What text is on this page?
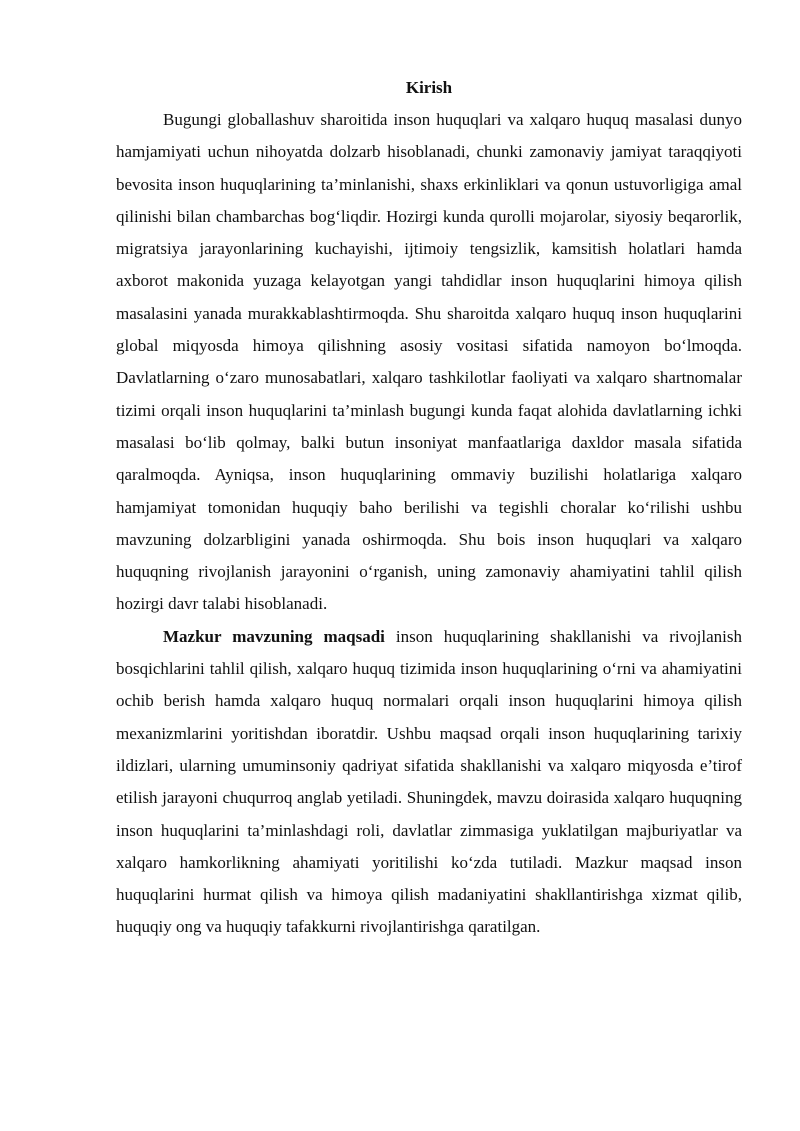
Kirish

Bugungi globallashuv sharoitida inson huquqlari va xalqaro huquq masalasi dunyo hamjamiyati uchun nihoyatda dolzarb hisoblanadi, chunki zamonaviy jamiyat taraqqiyoti bevosita inson huquqlarining ta’minlanishi, shaxs erkinliklari va qonun ustuvorligiga amal qilinishi bilan chambarchas bog‘liqdir. Hozirgi kunda qurolli mojarolar, siyosiy beqarorlik, migratsiya jarayonlarining kuchayishi, ijtimoiy tengsizlik, kamsitish holatlari hamda axborot makonida yuzaga kelayotgan yangi tahdidlar inson huquqlarini himoya qilish masalasini yanada murakkablashtirmoqda. Shu sharoitda xalqaro huquq inson huquqlarini global miqyosda himoya qilishning asosiy vositasi sifatida namoyon bo‘lmoqda. Davlatlarning o‘zaro munosabatlari, xalqaro tashkilotlar faoliyati va xalqaro shartnomalar tizimi orqali inson huquqlarini ta’minlash bugungi kunda faqat alohida davlatlarning ichki masalasi bo‘lib qolmay, balki butun insoniyat manfaatlariga daxldor masala sifatida qaralmoqda. Ayniqsa, inson huquqlarining ommaviy buzilishi holatlariga xalqaro hamjamiyat tomonidan huquqiy baho berilishi va tegishli choralar ko‘rilishi ushbu mavzuning dolzarbligini yanada oshirmoqda. Shu bois inson huquqlari va xalqaro huquqning rivojlanish jarayonini o‘rganish, uning zamonaviy ahamiyatini tahlil qilish hozirgi davr talabi hisoblanadi.

Mazkur mavzuning maqsadi inson huquqlarining shakllanishi va rivojlanish bosqichlarini tahlil qilish, xalqaro huquq tizimida inson huquqlarining o‘rni va ahamiyatini ochib berish hamda xalqaro huquq normalari orqali inson huquqlarini himoya qilish mexanizmlarini yoritishdan iboratdir. Ushbu maqsad orqali inson huquqlarining tarixiy ildizlari, ularning umuminsoniy qadriyat sifatida shakllanishi va xalqaro miqyosda e’tirof etilish jarayoni chuqurroq anglab yetiladi. Shuningdek, mavzu doirasida xalqaro huquqning inson huquqlarini ta’minlashdagi roli, davlatlar zimmasiga yuklatilgan majburiyatlar va xalqaro hamkorlikning ahamiyati yoritilishi ko‘zda tutiladi. Mazkur maqsad inson huquqlarini hurmat qilish va himoya qilish madaniyatini shakllantirishga xizmat qilib, huquqiy ong va huquqiy tafakkurni rivojlantirishga qaratilgan.
